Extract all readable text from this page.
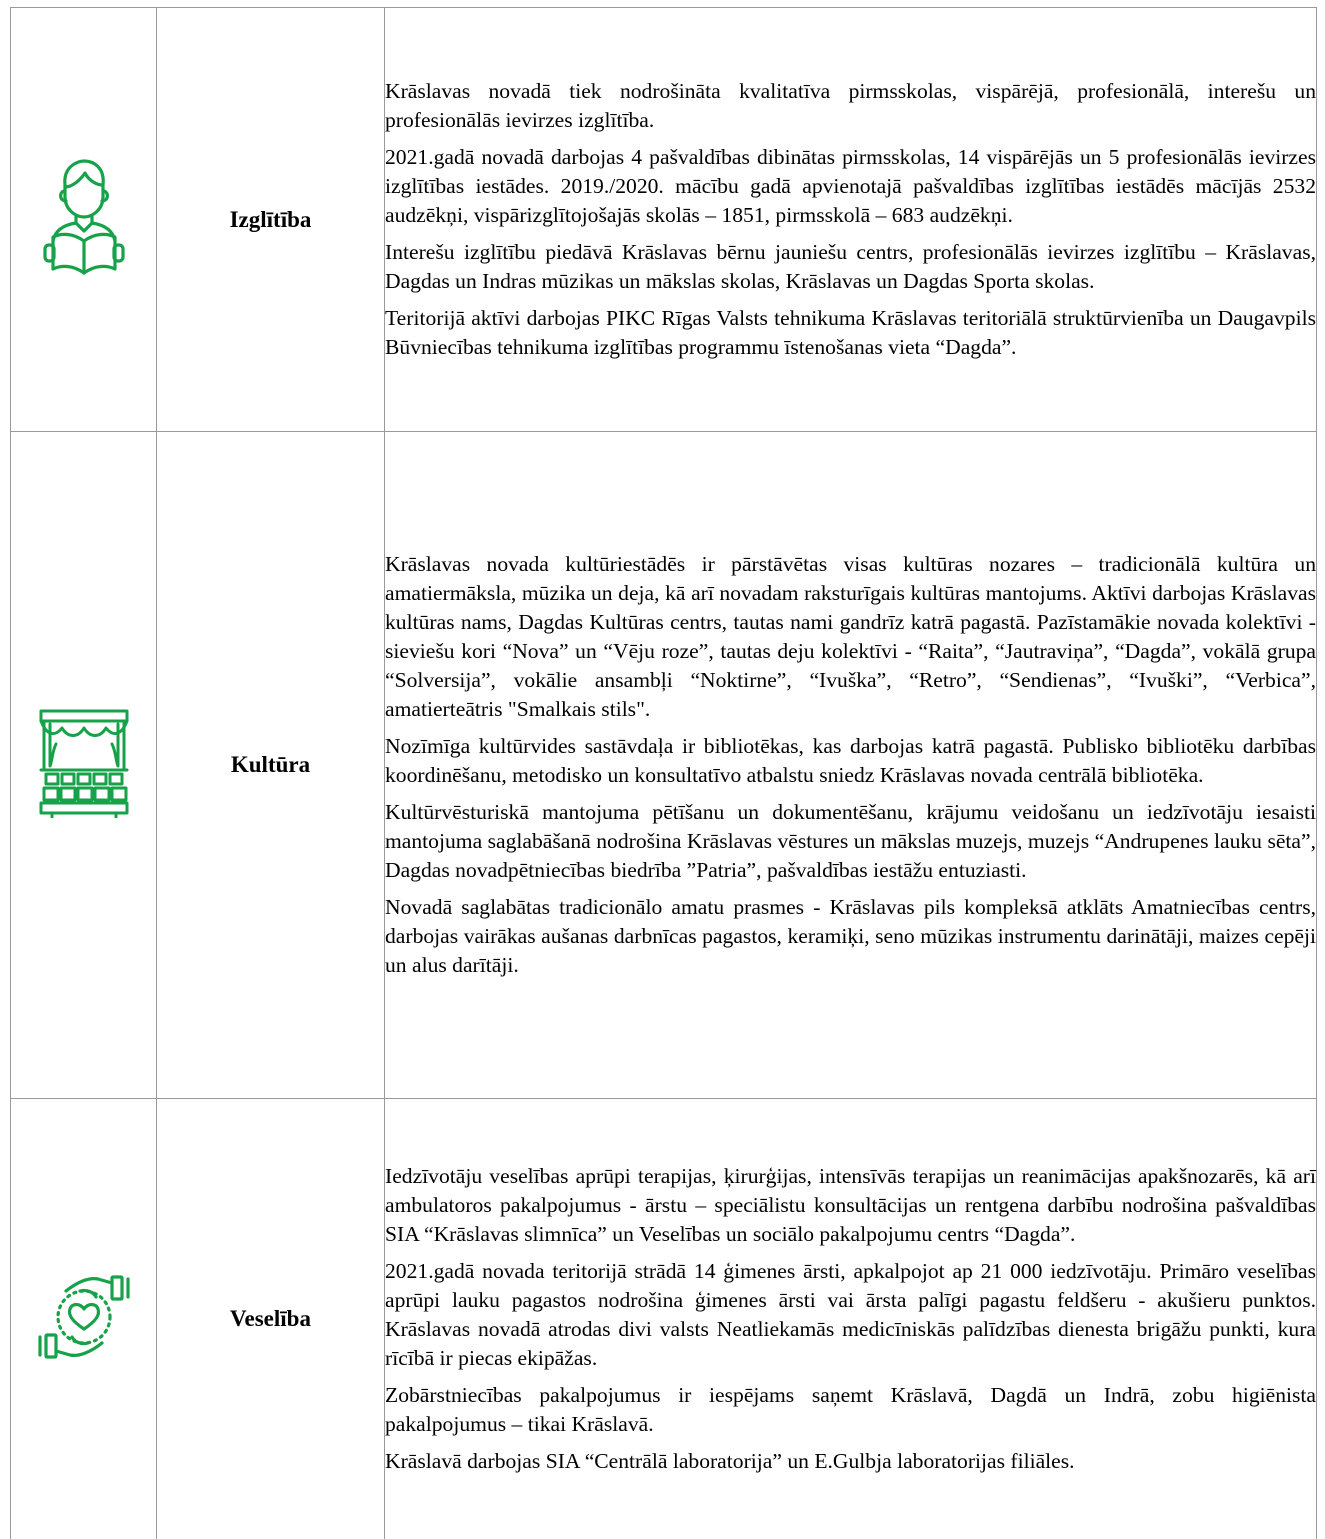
	Izglītība	Krāslavas novadā tiek nodrošināta kvalitatīva pirmsskolas, vispārējā, profesionālā, interešu un profesionālās ievirzes izglītība.

2021.gadā novadā darbojas 4 pašvaldības dibinātas pirmsskolas, 14 vispārējās un 5 profesionālās ievirzes izglītības iestādes. 2019./2020. mācību gadā apvienotajā pašvaldības izglītības iestādēs mācījās 2532 audzēkņi, vispārizglītojošajās skolās – 1851, pirmsskolā – 683 audzēkņi.

Interešu izglītību piedāvā Krāslavas bērnu jauniešu centrs, profesionālās ievirzes izglītību – Krāslavas, Dagdas un Indras mūzikas un mākslas skolas, Krāslavas un Dagdas Sporta skolas.

Teritorijā aktīvi darbojas PIKC Rīgas Valsts tehnikuma Krāslavas teritoriālā struktūrvienība un Daugavpils Būvniecības tehnikuma izglītības programmu īstenošanas vieta “Dagda”.

	Kultūra	Krāslavas novada kultūriestādēs ir pārstāvētas visas kultūras nozares – tradicionālā kultūra un amatiermāksla, mūzika un deja, kā arī novadam raksturīgais kultūras mantojums. Aktīvi darbojas Krāslavas kultūras nams, Dagdas Kultūras centrs, tautas nami gandrīz katrā pagastā. Pazīstamākie novada kolektīvi - sieviešu kori “Nova” un “Vēju roze”, tautas deju kolektīvi - “Raita”, “Jautraviņa”, “Dagda”, vokālā grupa “Solversija”, vokālie ansambļi “Noktirne”, “Ivuška”, “Retro”, “Sendienas”, “Ivuški”, “Verbica”, amatierteātris "Smalkais stils".

Nozīmīga kultūrvides sastāvdaļa ir bibliotēkas, kas darbojas katrā pagastā. Publisko bibliotēku darbības koordinēšanu, metodisko un konsultatīvo atbalstu sniedz Krāslavas novada centrālā bibliotēka.

Kultūrvēsturiskā mantojuma pētīšanu un dokumentēšanu, krājumu veidošanu un iedzīvotāju iesaisti mantojuma saglabāšanā nodrošina Krāslavas vēstures un mākslas muzejs, muzejs “Andrupenes lauku sēta”, Dagdas novadpētniecības biedrība ”Patria”, pašvaldības iestāžu entuziasti.

Novadā saglabātas tradicionālo amatu prasmes - Krāslavas pils kompleksā atklāts Amatniecības centrs, darbojas vairākas aušanas darbnīcas pagastos, keramiķi, seno mūzikas instrumentu darinātāji, maizes cepēji un alus darītāji.

	Veselība	Iedzīvotāju veselības aprūpi terapijas, ķirurģijas, intensīvās terapijas un reanimācijas apakšnozarēs, kā arī ambulatoros pakalpojumus - ārstu – speciālistu konsultācijas un rentgena darbību nodrošina pašvaldības SIA “Krāslavas slimnīca” un Veselības un sociālo pakalpojumu centrs “Dagda”.

2021.gadā novada teritorijā strādā 14 ģimenes ārsti, apkalpojot ap 21 000 iedzīvotāju. Primāro veselības aprūpi lauku pagastos nodrošina ģimenes ārsti vai ārsta palīgi pagastu feldšeru - akušieru punktos. Krāslavas novadā atrodas divi valsts Neatliekamās medicīniskās palīdzības dienesta brigāžu punkti, kura rīcībā ir piecas ekipāžas.

Zobārstniecības pakalpojumus ir iespējams saņemt Krāslavā, Dagdā un Indrā, zobu higiēnista pakalpojumus – tikai Krāslavā.

Krāslavā darbojas SIA “Centrālā laboratorija” un E.Gulbja laboratorijas filiāles.
